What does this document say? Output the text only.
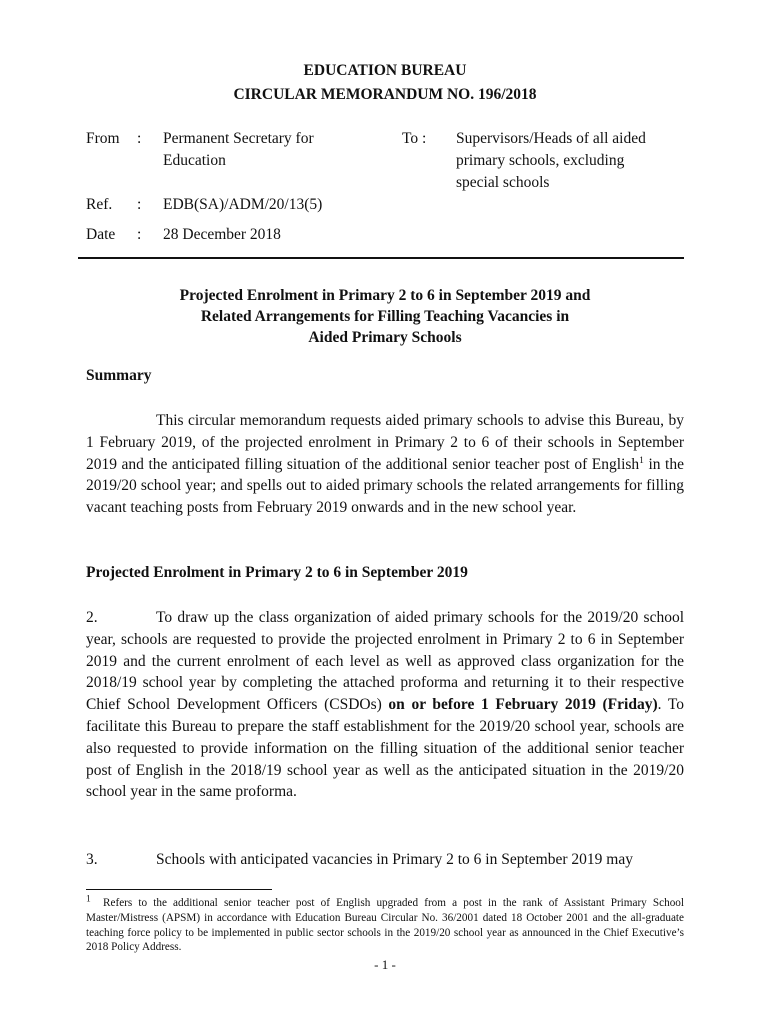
EDUCATION BUREAU
CIRCULAR MEMORANDUM NO. 196/2018
From : Permanent Secretary for
Education
To : Supervisors/Heads of all aided
primary schools, excluding
special schools
Ref. : EDB(SA)/ADM/20/13(5)
Date : 28 December 2018
Projected Enrolment in Primary 2 to 6 in September 2019 and
Related Arrangements for Filling Teaching Vacancies in
Aided Primary Schools
Summary

This circular memorandum requests aided primary schools to advise this Bureau, by 1 February 2019, of the projected enrolment in Primary 2 to 6 of their schools in September 2019 and the anticipated filling situation of the additional senior teacher post of English$^1$ in the 2019/20 school year; and spells out to aided primary schools the related arrangements for filling vacant teaching posts from February 2019 onwards and in the new school year.

Projected Enrolment in Primary 2 to 6 in September 2019

2.	To draw up the class organization of aided primary schools for the 2019/20 school year, schools are requested to provide the projected enrolment in Primary 2 to 6 in September 2019 and the current enrolment of each level as well as approved class organization for the 2018/19 school year by completing the attached proforma and returning it to their respective Chief School Development Officers (CSDOs) on or before 1 February 2019 (Friday). To facilitate this Bureau to prepare the staff establishment for the 2019/20 school year, schools are also requested to provide information on the filling situation of the additional senior teacher post of English in the 2018/19 school year as well as the anticipated situation in the 2019/20 school year in the same proforma.

3.	Schools with anticipated vacancies in Primary 2 to 6 in September 2019 may

$^1$ Refers to the additional senior teacher post of English upgraded from a post in the rank of Assistant Primary School Master/Mistress (APSM) in accordance with Education Bureau Circular No. 36/2001 dated 18 October 2001 and the all-graduate teaching force policy to be implemented in public sector schools in the 2019/20 school year as announced in the Chief Executive’s 2018 Policy Address.
- 1 -
